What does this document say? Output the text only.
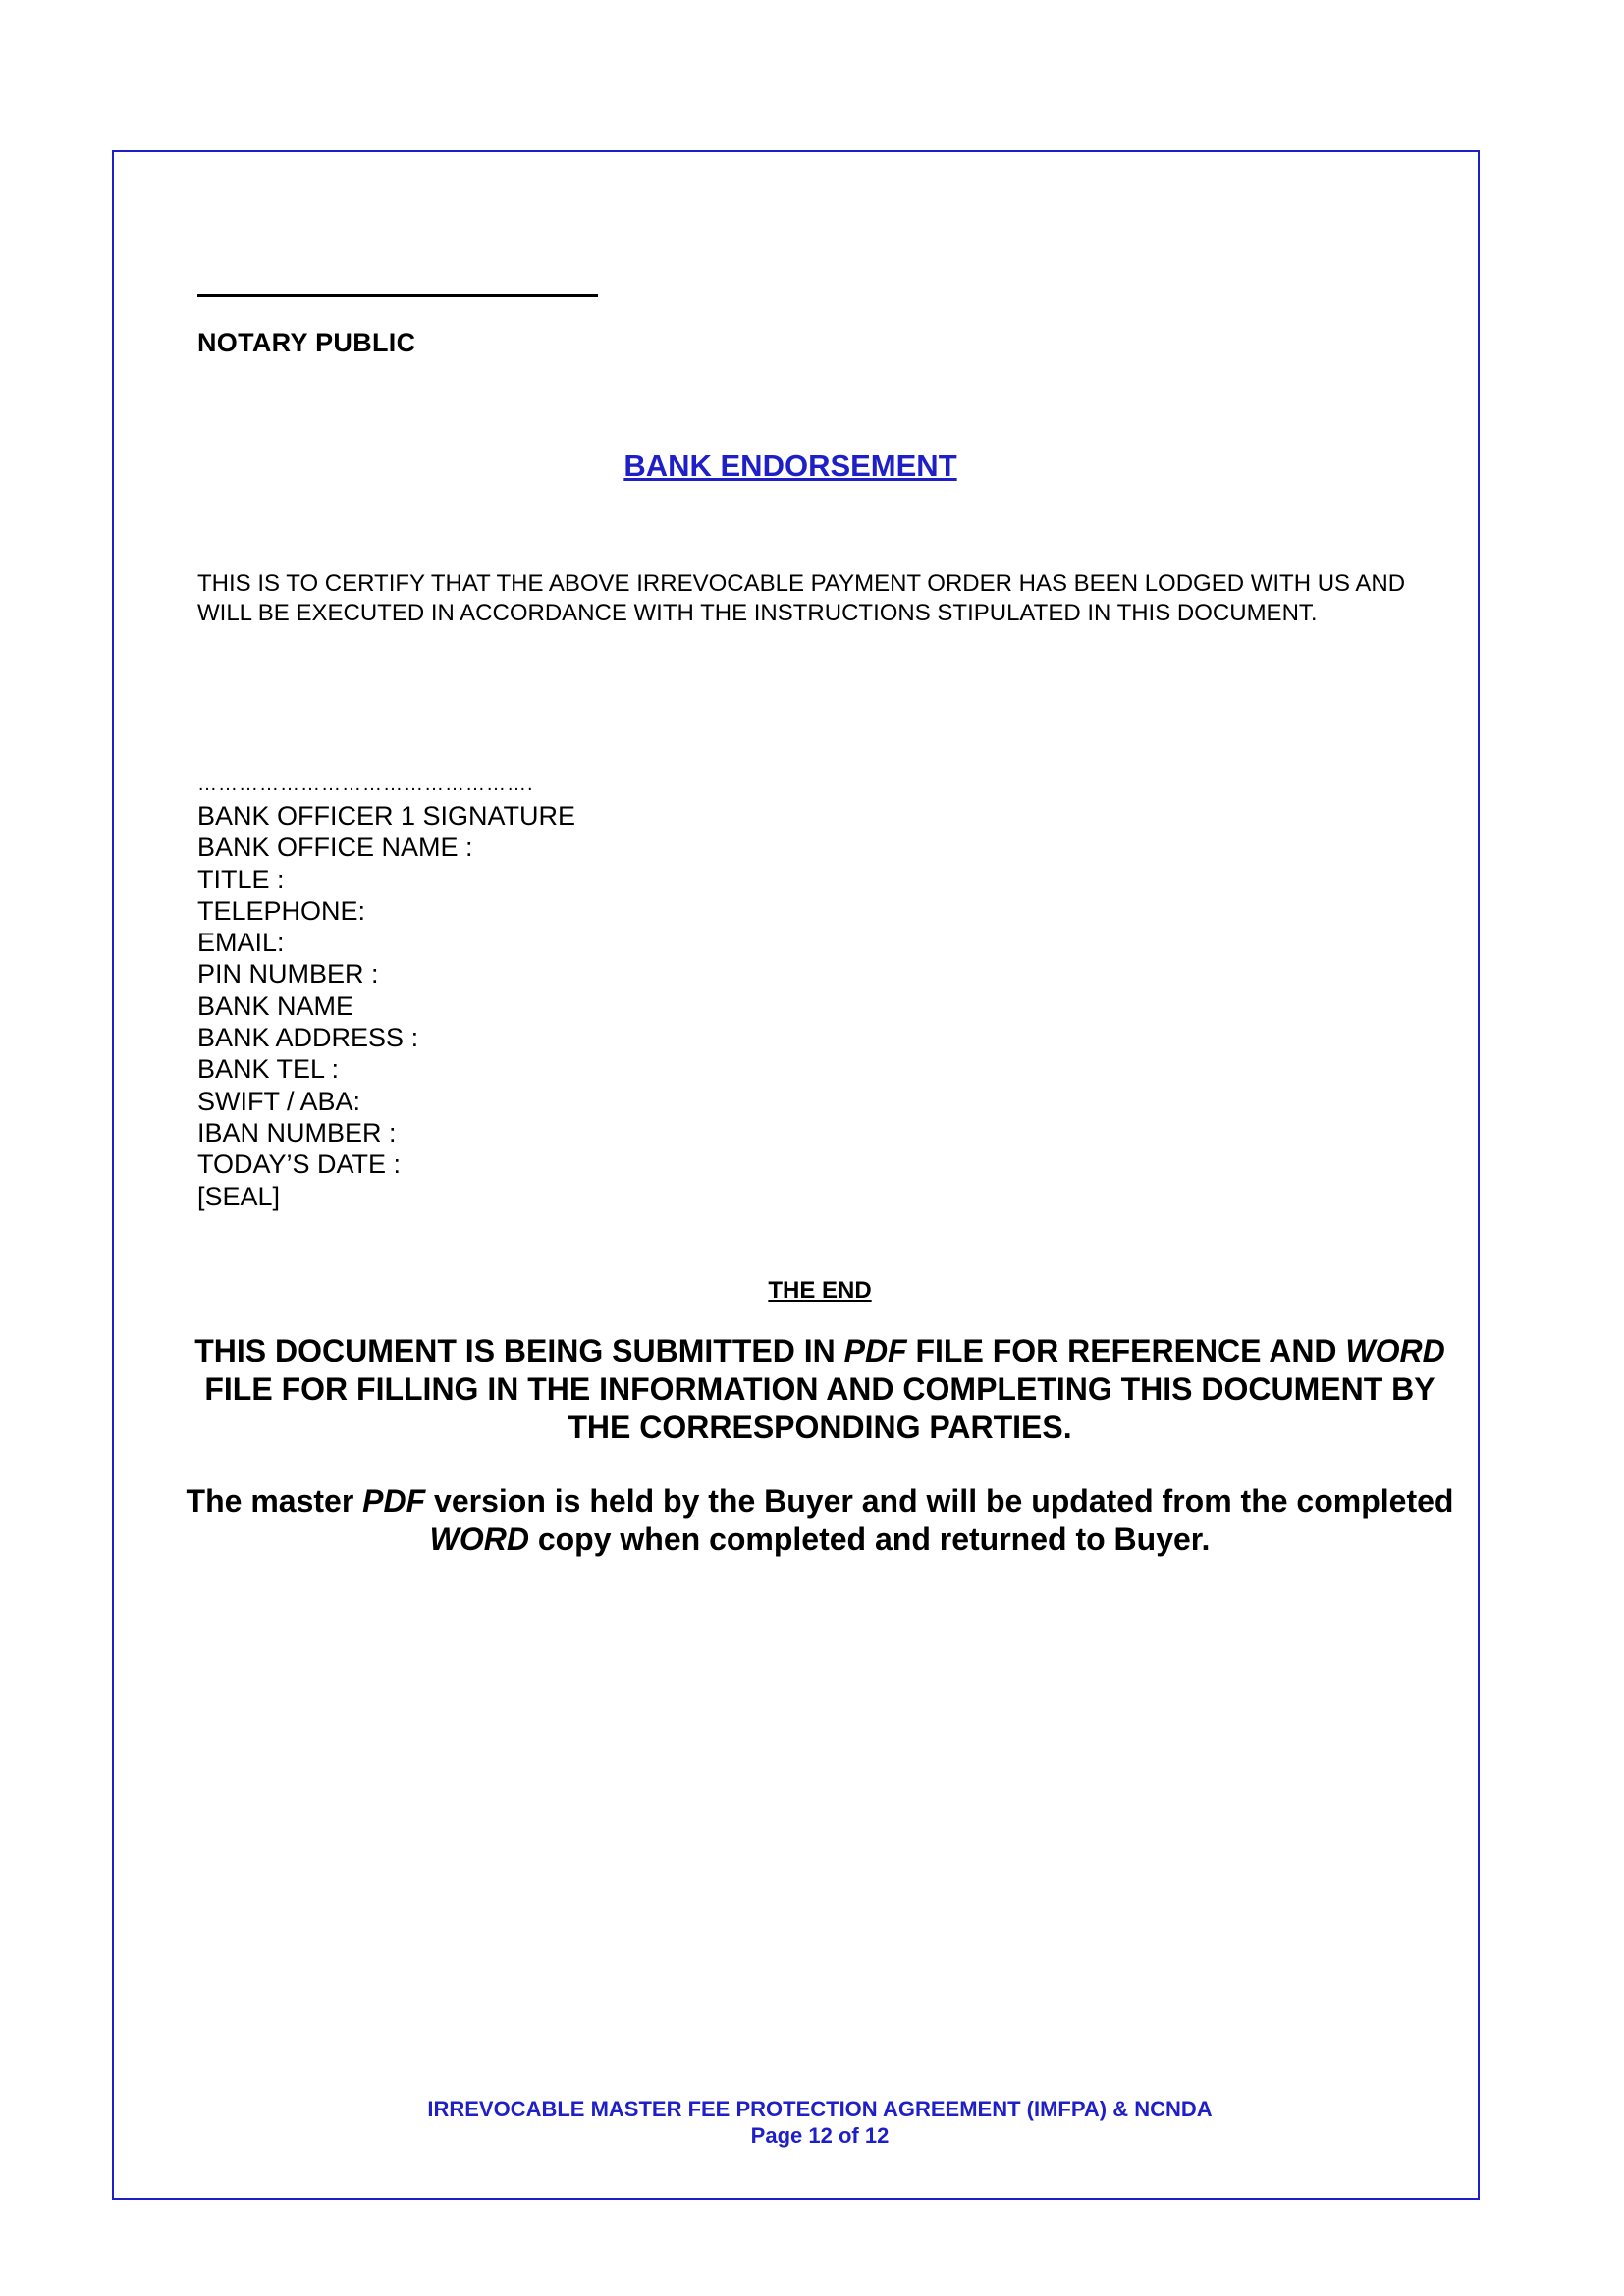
NOTARY PUBLIC
BANK ENDORSEMENT
THIS IS TO CERTIFY THAT THE ABOVE IRREVOCABLE PAYMENT ORDER HAS BEEN LODGED WITH US AND WILL BE EXECUTED IN ACCORDANCE WITH THE INSTRUCTIONS STIPULATED IN THIS DOCUMENT.
………………………………………….
BANK OFFICER 1 SIGNATURE
BANK OFFICE NAME :
TITLE :
TELEPHONE:
EMAIL:
PIN NUMBER :
BANK NAME
BANK ADDRESS :
BANK TEL :
SWIFT / ABA:
IBAN NUMBER :
TODAY’S DATE :
[SEAL]
THE END

THIS DOCUMENT IS BEING SUBMITTED IN PDF FILE FOR REFERENCE AND WORD FILE FOR FILLING IN THE INFORMATION AND COMPLETING THIS DOCUMENT BY THE CORRESPONDING PARTIES.

The master PDF version is held by the Buyer and will be updated from the completed WORD copy when completed and returned to Buyer.

IRREVOCABLE MASTER FEE PROTECTION AGREEMENT (IMFPA) & NCNDA
Page 12 of 12
